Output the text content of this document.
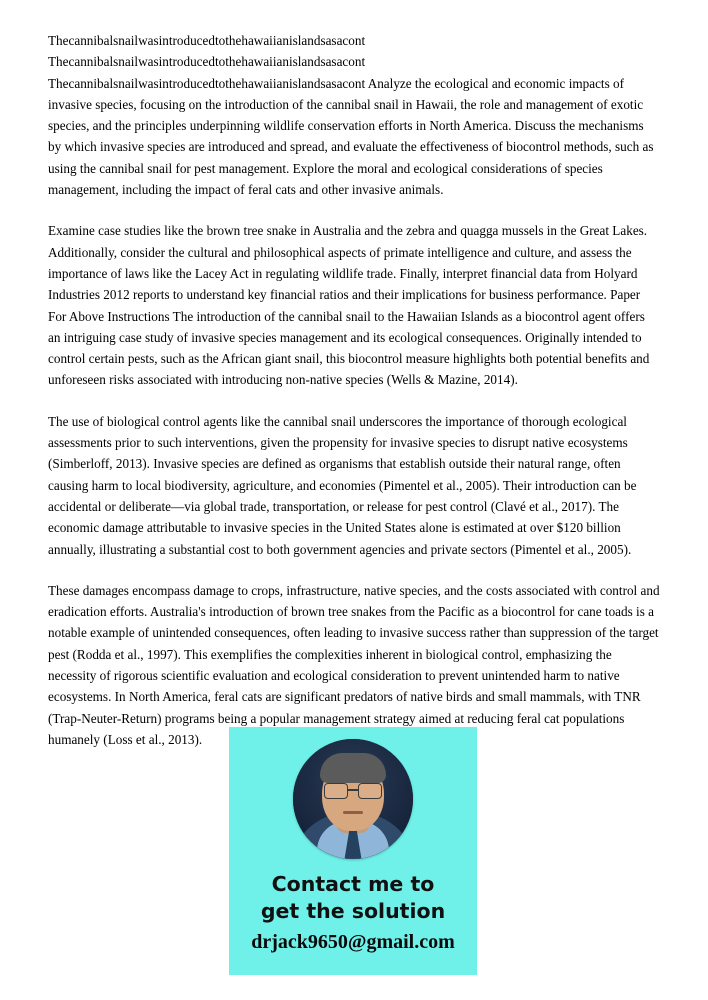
Thecannibalsnailwasintroducedtothehawaiianislandsasacont Thecannibalsnailwasintroducedtothehawaiianislandsasacont Thecannibalsnailwasintroducedtothehawaiianislandsasacont Analyze the ecological and economic impacts of invasive species, focusing on the introduction of the cannibal snail in Hawaii, the role and management of exotic species, and the principles underpinning wildlife conservation efforts in North America. Discuss the mechanisms by which invasive species are introduced and spread, and evaluate the effectiveness of biocontrol methods, such as using the cannibal snail for pest management. Explore the moral and ecological considerations of species management, including the impact of feral cats and other invasive animals.

Examine case studies like the brown tree snake in Australia and the zebra and quagga mussels in the Great Lakes. Additionally, consider the cultural and philosophical aspects of primate intelligence and culture, and assess the importance of laws like the Lacey Act in regulating wildlife trade. Finally, interpret financial data from Holyard Industries 2012 reports to understand key financial ratios and their implications for business performance. Paper For Above Instructions The introduction of the cannibal snail to the Hawaiian Islands as a biocontrol agent offers an intriguing case study of invasive species management and its ecological consequences. Originally intended to control certain pests, such as the African giant snail, this biocontrol measure highlights both potential benefits and unforeseen risks associated with introducing non-native species (Wells & Mazine, 2014).

The use of biological control agents like the cannibal snail underscores the importance of thorough ecological assessments prior to such interventions, given the propensity for invasive species to disrupt native ecosystems (Simberloff, 2013). Invasive species are defined as organisms that establish outside their natural range, often causing harm to local biodiversity, agriculture, and economies (Pimentel et al., 2005). Their introduction can be accidental or deliberate—via global trade, transportation, or release for pest control (Clavé et al., 2017). The economic damage attributable to invasive species in the United States alone is estimated at over $120 billion annually, illustrating a substantial cost to both government agencies and private sectors (Pimentel et al., 2005).

These damages encompass damage to crops, infrastructure, native species, and the costs associated with control and eradication efforts. Australia's introduction of brown tree snakes from the Pacific as a biocontrol for cane toads is a notable example of unintended consequences, often leading to invasive success rather than suppression of the target pest (Rodda et al., 1997). This exemplifies the complexities inherent in biological control, emphasizing the necessity of rigorous scientific evaluation and ecological consideration to prevent unintended harm to native ecosystems. In North America, feral cats are significant predators of native birds and small mammals, with TNR (Trap-Neuter-Return) programs being a popular management strategy aimed at reducing feral cat populations humanely (Loss et al., 2013).

Contact me to

get the solution

drjack9650@gmail.com
